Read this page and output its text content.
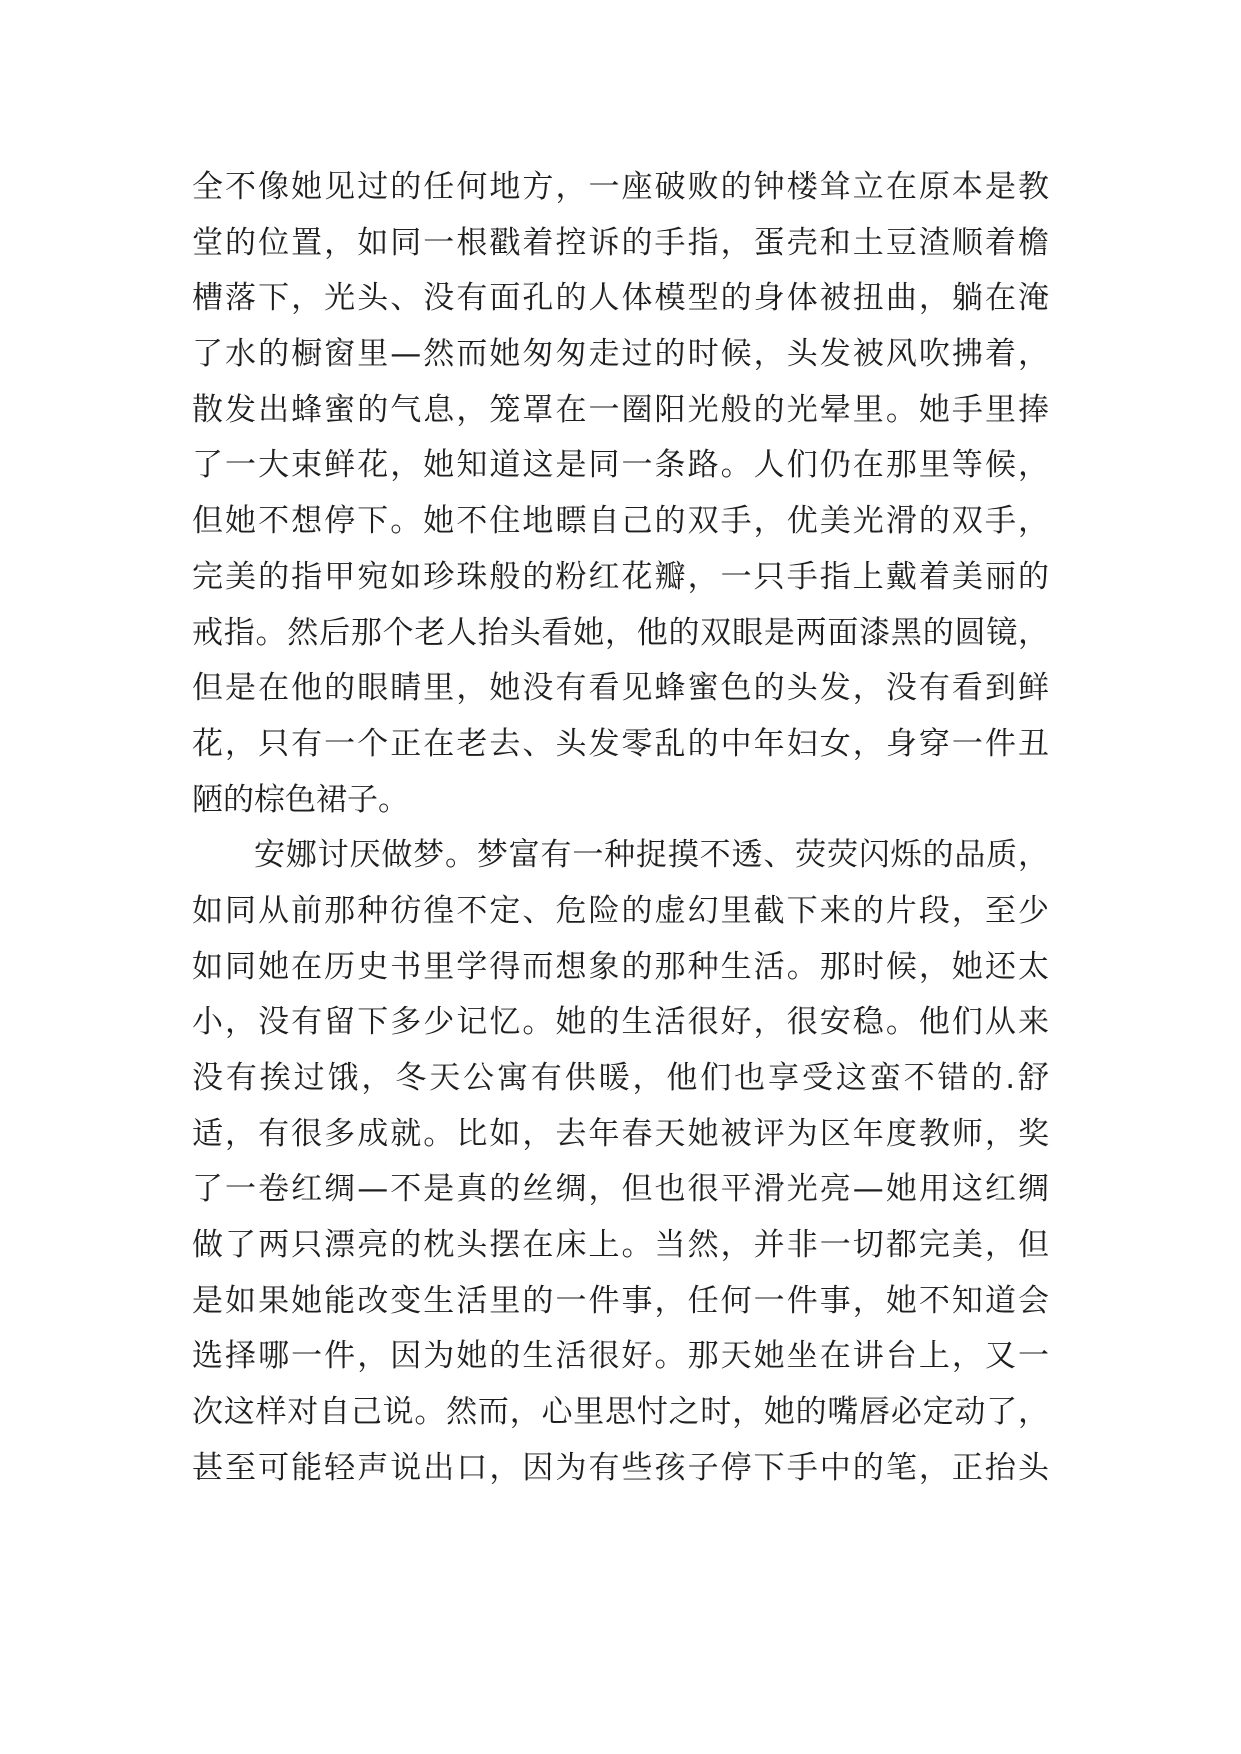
全不像她见过的任何地方，一座破败的钟楼耸立在原本是教
堂的位置，如同一根戳着控诉的手指，蛋壳和土豆渣顺着檐
槽落下，光头、没有面孔的人体模型的身体被扭曲，躺在淹
了水的橱窗里—然而她匆匆走过的时候，头发被风吹拂着，
散发出蜂蜜的气息，笼罩在一圈阳光般的光晕里。她手里捧
了一大束鲜花，她知道这是同一条路。人们仍在那里等候，
但她不想停下。她不住地瞟自己的双手，优美光滑的双手，
完美的指甲宛如珍珠般的粉红花瓣，一只手指上戴着美丽的
戒指。然后那个老人抬头看她，他的双眼是两面漆黑的圆镜，
但是在他的眼睛里，她没有看见蜂蜜色的头发，没有看到鲜
花，只有一个正在老去、头发零乱的中年妇女，身穿一件丑
陋的棕色裙子。
安娜讨厌做梦。梦富有一种捉摸不透、荧荧闪烁的品质，
如同从前那种彷徨不定、危险的虚幻里截下来的片段，至少
如同她在历史书里学得而想象的那种生活。那时候，她还太
小，没有留下多少记忆。她的生活很好，很安稳。他们从来
没有挨过饿，冬天公寓有供暖，他们也享受这蛮不错的.舒
适，有很多成就。比如，去年春天她被评为区年度教师，奖
了一卷红绸—不是真的丝绸，但也很平滑光亮—她用这红绸
做了两只漂亮的枕头摆在床上。当然，并非一切都完美，但
是如果她能改变生活里的一件事，任何一件事，她不知道会
选择哪一件，因为她的生活很好。那天她坐在讲台上，又一
次这样对自己说。然而，心里思忖之时，她的嘴唇必定动了，
甚至可能轻声说出口，因为有些孩子停下手中的笔，正抬头
